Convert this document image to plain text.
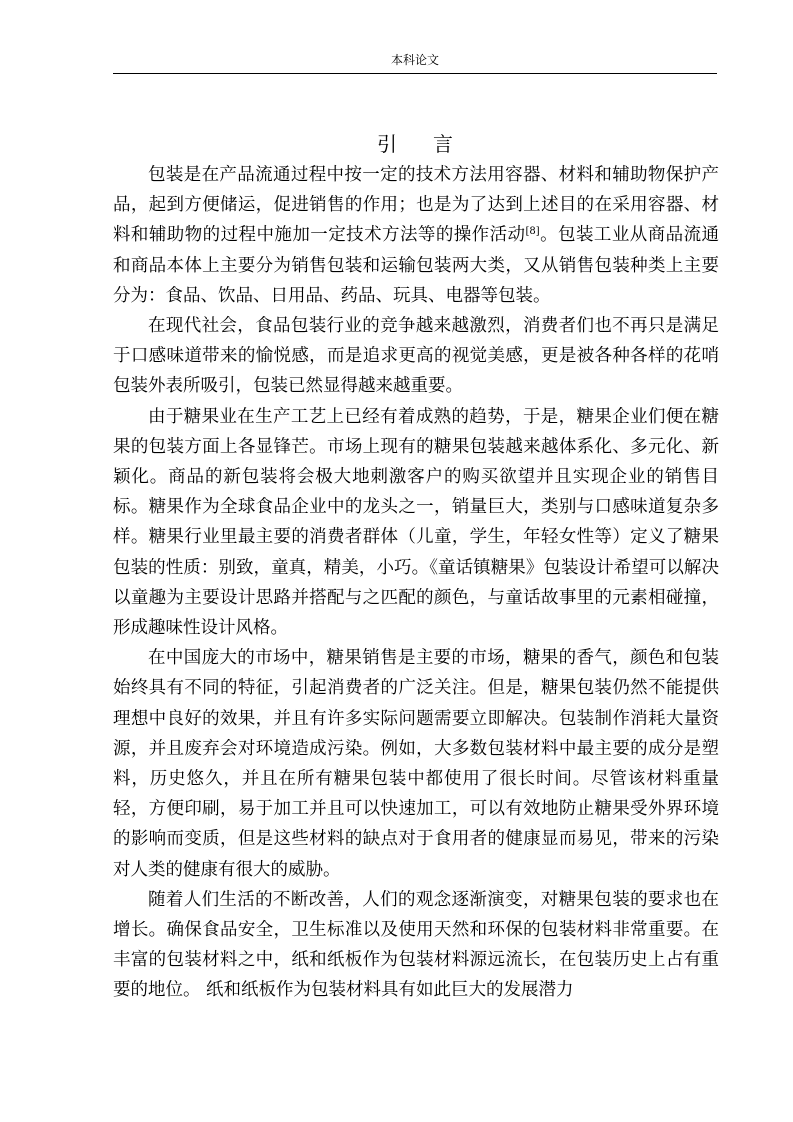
本科论文
引言

包装是在产品流通过程中按一定的技术方法用容器、材料和辅助物保护产品，起到方便储运，促进销售的作用；也是为了达到上述目的在采用容器、材料和辅助物的过程中施加一定技术方法等的操作活动[8]。包装工业从商品流通和商品本体上主要分为销售包装和运输包装两大类，又从销售包装种类上主要分为：食品、饮品、日用品、药品、玩具、电器等包装。

在现代社会，食品包装行业的竞争越来越激烈，消费者们也不再只是满足于口感味道带来的愉悦感，而是追求更高的视觉美感，更是被各种各样的花哨包装外表所吸引，包装已然显得越来越重要。

由于糖果业在生产工艺上已经有着成熟的趋势，于是，糖果企业们便在糖果的包装方面上各显锋芒。市场上现有的糖果包装越来越体系化、多元化、新颖化。商品的新包装将会极大地刺激客户的购买欲望并且实现企业的销售目标。糖果作为全球食品企业中的龙头之一，销量巨大，类别与口感味道复杂多样。糖果行业里最主要的消费者群体（儿童，学生，年轻女性等）定义了糖果包装的性质：别致，童真，精美，小巧。《童话镇糖果》包装设计希望可以解决以童趣为主要设计思路并搭配与之匹配的颜色，与童话故事里的元素相碰撞，形成趣味性设计风格。

在中国庞大的市场中，糖果销售是主要的市场，糖果的香气，颜色和包装始终具有不同的特征，引起消费者的广泛关注。但是，糖果包装仍然不能提供理想中良好的效果，并且有许多实际问题需要立即解决。包装制作消耗大量资源，并且废弃会对环境造成污染。例如，大多数包装材料中最主要的成分是塑料，历史悠久，并且在所有糖果包装中都使用了很长时间。尽管该材料重量轻，方便印刷，易于加工并且可以快速加工，可以有效地防止糖果受外界环境的影响而变质，但是这些材料的缺点对于食用者的健康显而易见，带来的污染对人类的健康有很大的威胁。

随着人们生活的不断改善，人们的观念逐渐演变，对糖果包装的要求也在增长。确保食品安全，卫生标准以及使用天然和环保的包装材料非常重要。在丰富的包装材料之中，纸和纸板作为包装材料源远流长，在包装历史上占有重要的地位。 纸和纸板作为包装材料具有如此巨大的发展潜力
